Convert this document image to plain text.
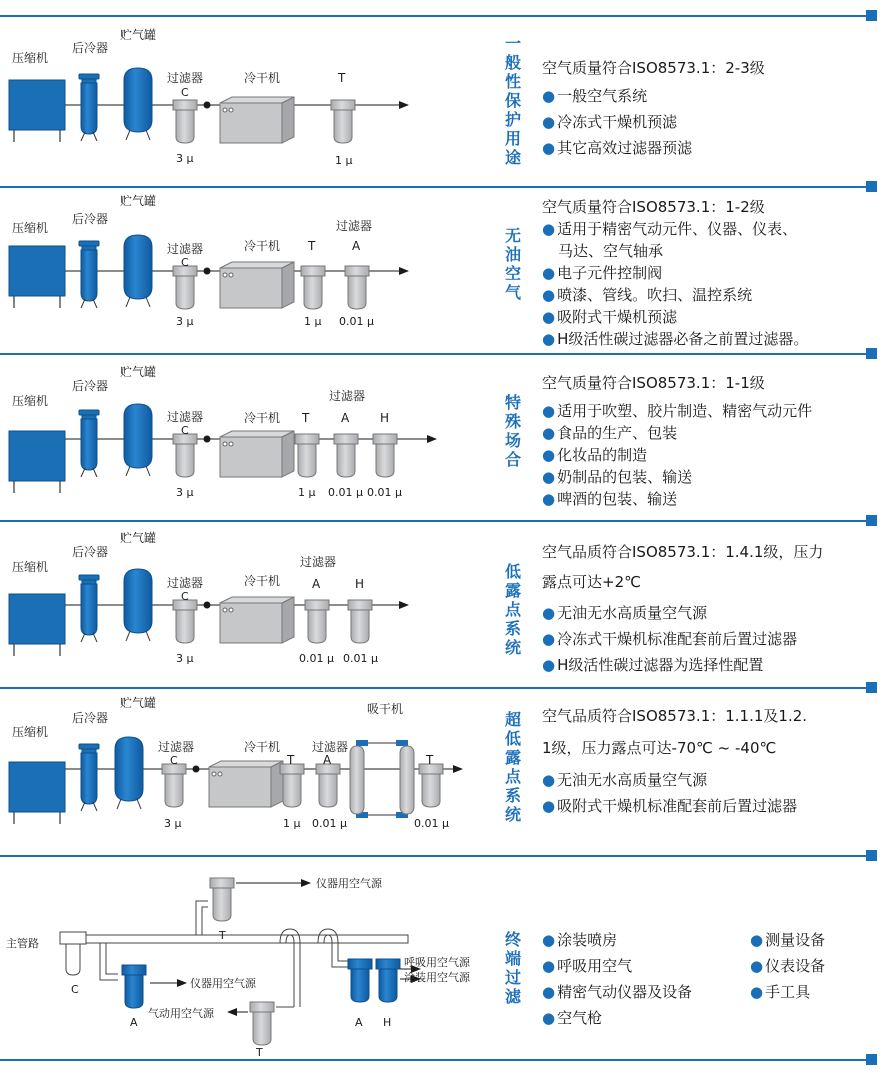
压缩机
后冷器
贮气罐
过滤器
C
冷干机	T
3 μ	1 μ
一般性保护用途

空气质量符合ISO8573.1：2-3级

● 一般空气系统

● 冷冻式干燥机预滤

● 其它高效过滤器预滤

压缩机
后冷器
贮气罐
过滤器
C
冷干机
过滤器
T	A
3 μ	1 μ 0.01 μ
无油空气

空气质量符合ISO8573.1：1-2级

● 适用于精密气动元件、仪器、仪表、

马达、空气轴承

● 电子元件控制阀

● 喷漆、管线。吹扫、温控系统

● 吸附式干燥机预滤

● H级活性碳过滤器必备之前置过滤器。

压缩机
后冷器
贮气罐
过滤器
C
冷干机
过滤器
T	A	H
3 μ	1 μ 0.01 μ 0.01 μ
特殊场合

空气质量符合ISO8573.1：1-1级

● 适用于吹塑、胶片制造、精密气动元件

● 食品的生产、包装

● 化妆品的制造

● 奶制品的包装、输送

● 啤酒的包装、输送

压缩机
后冷器
贮气罐
过滤器
C
冷干机
过滤器
A	H
3 μ	0.01 μ 0.01 μ
低露点系统

空气品质符合ISO8573.1：1.4.1级，压力

露点可达+2℃

● 无油无水高质量空气源

● 冷冻式干燥机标准配套前后置过滤器

● H级活性碳过滤器为选择性配置

压缩机
后冷器
贮气罐
过滤器
C
冷干机	过滤器
T A
吸干机
T
3 μ	1 μ 0.01 μ	0.01 μ
超低露点系统

空气品质符合ISO8573.1：1.1.1及1.2.

1级，压力露点可达-70℃ ~ -40℃

● 无油无水高质量空气源

● 吸附式干燥机标准配套前后置过滤器

主管路
C
A
仪器用空气源
T
仪器用空气源
气动用空气源
T
A H
呼吸用空气源
涂装用空气源
终端过滤
● 涂装喷房
● 呼吸用空气
● 精密气动仪器及设备
● 空气枪
● 测量设备
● 仪表设备
● 手工具
